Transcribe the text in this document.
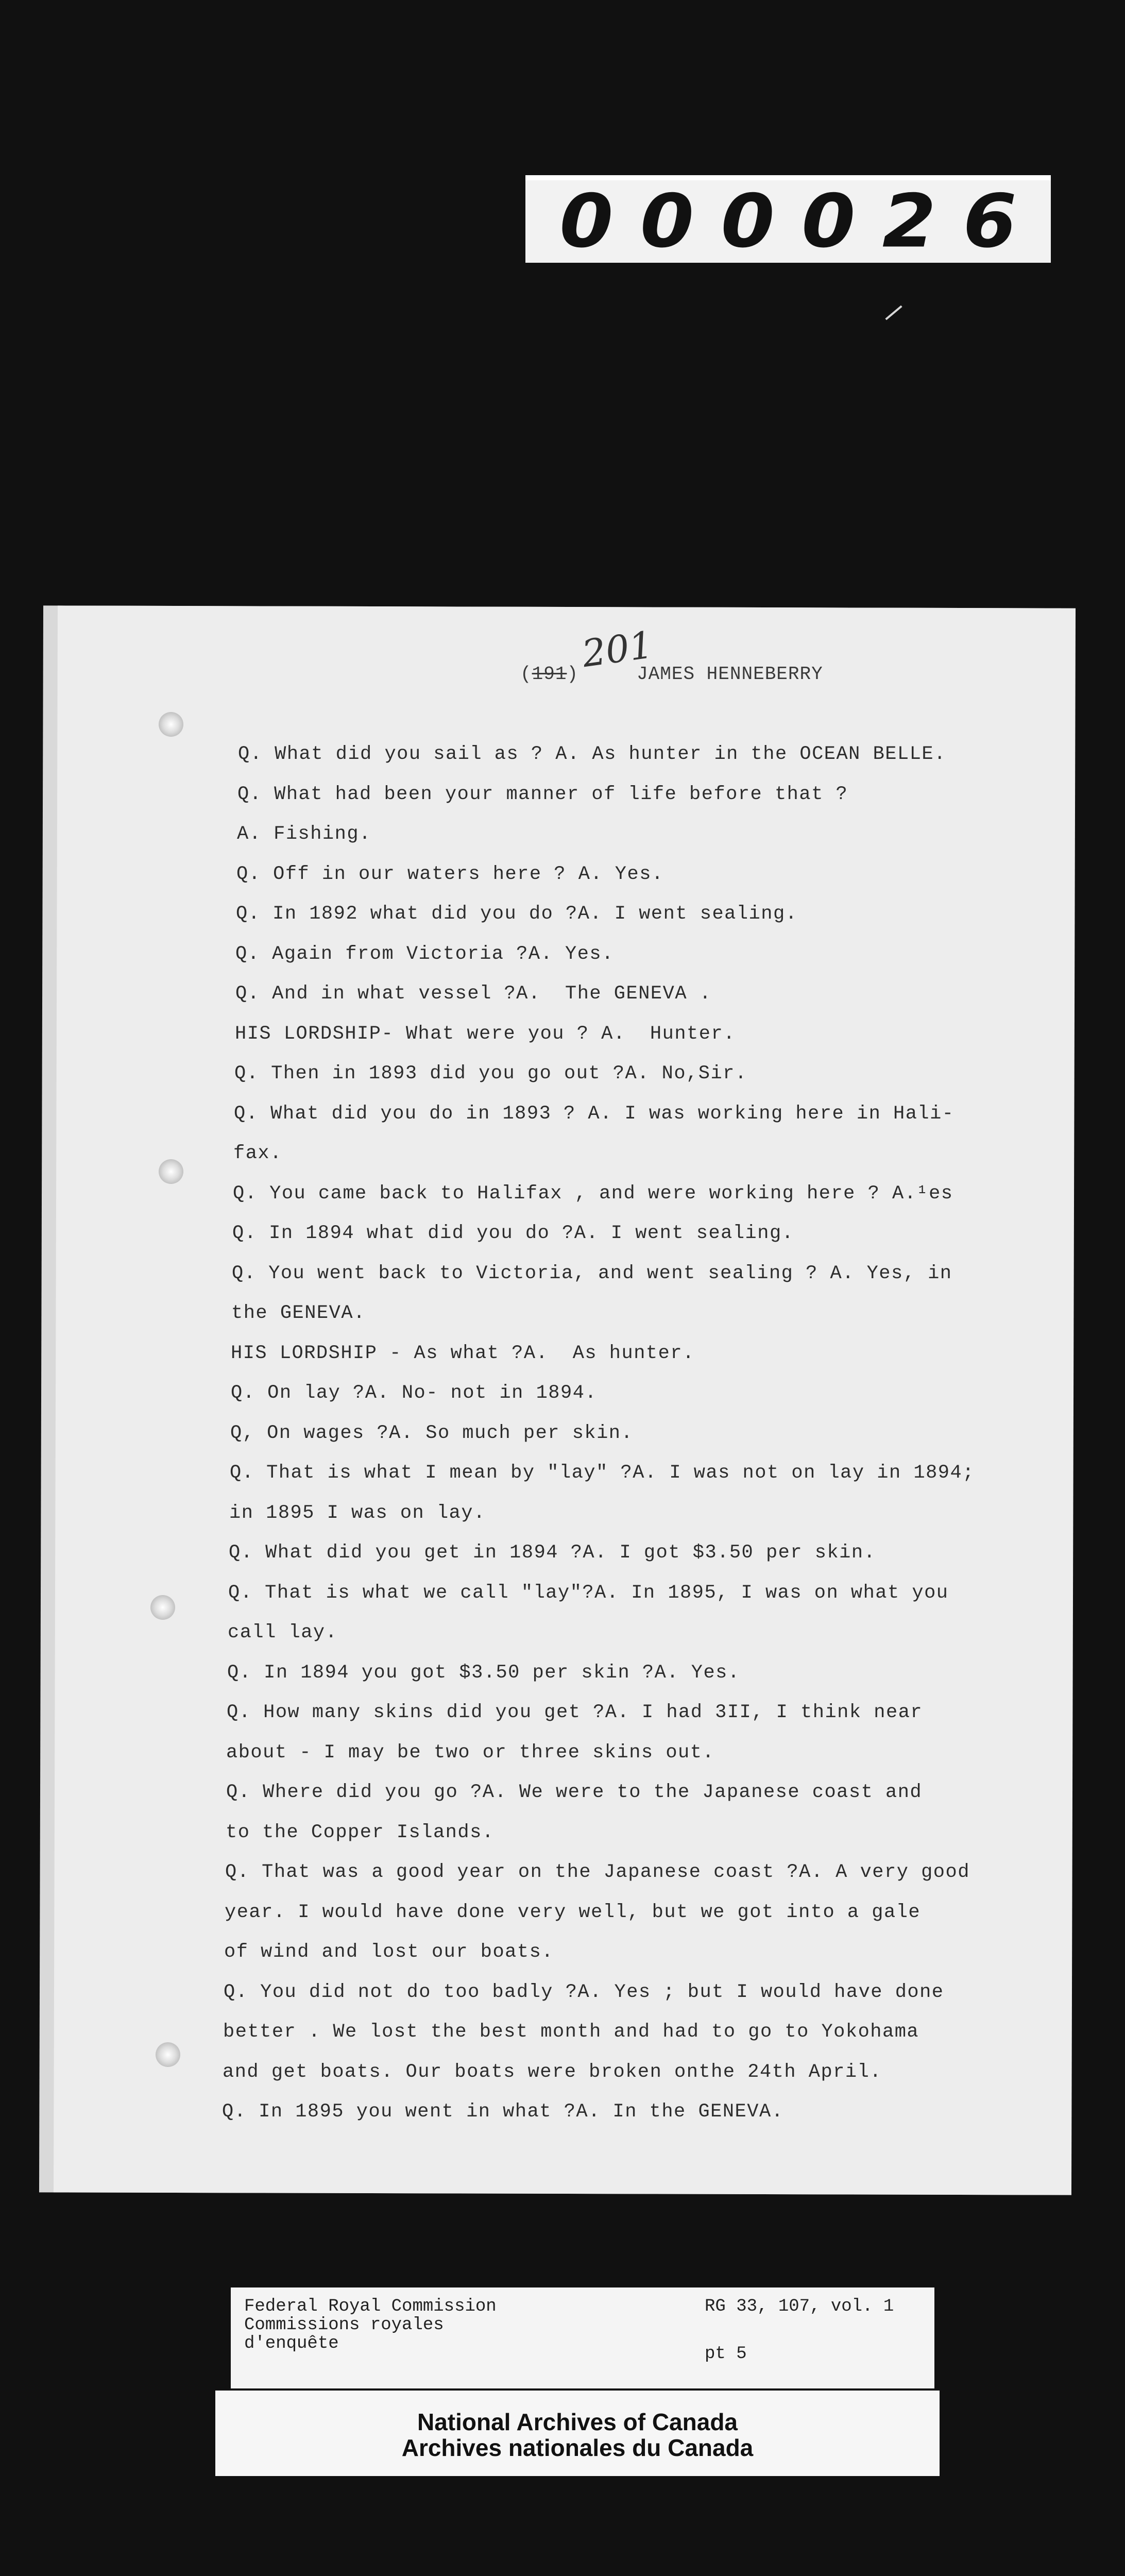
0 0 0 0 2 6
201
(191)	JAMES HENNEBERRY
Q. What did you sail as ? A. As hunter in the OCEAN BELLE.
Q. What had been your manner of life before that ?
A. Fishing.
Q. Off in our waters here ? A. Yes.
Q. In 1892 what did you do ?A. I went sealing.
Q. Again from Victoria ?A. Yes.
Q. And in what vessel ?A.  The GENEVA .
HIS LORDSHIP- What were you ? A.  Hunter.
Q. Then in 1893 did you go out ?A. No,Sir.
Q. What did you do in 1893 ? A. I was working here in Hali-
fax.
Q. You came back to Halifax , and were working here ? A.¹es
Q. In 1894 what did you do ?A. I went sealing.
Q. You went back to Victoria, and went sealing ? A. Yes, in
the GENEVA.
HIS LORDSHIP - As what ?A.  As hunter.
Q. On lay ?A. No- not in 1894.
Q, On wages ?A. So much per skin.
Q. That is what I mean by "lay" ?A. I was not on lay in 1894;
in 1895 I was on lay.
Q. What did you get in 1894 ?A. I got $3.50 per skin.
Q. That is what we call "lay"?A. In 1895, I was on what you
call lay.
Q. In 1894 you got $3.50 per skin ?A. Yes.
Q. How many skins did you get ?A. I had 3II, I think near
about - I may be two or three skins out.
Q. Where did you go ?A. We were to the Japanese coast and
to the Copper Islands.
Q. That was a good year on the Japanese coast ?A. A very good
year. I would have done very well, but we got into a gale
of wind and lost our boats.
Q. You did not do too badly ?A. Yes ; but I would have done
better . We lost the best month and had to go to Yokohama
and get boats. Our boats were broken onthe 24th April.
Q. In 1895 you went in what ?A. In the GENEVA.
Federal Royal Commission
Commissions royales
d'enquête
RG 33, 107, vol. 1
pt 5
National Archives of Canada
Archives nationales du Canada
